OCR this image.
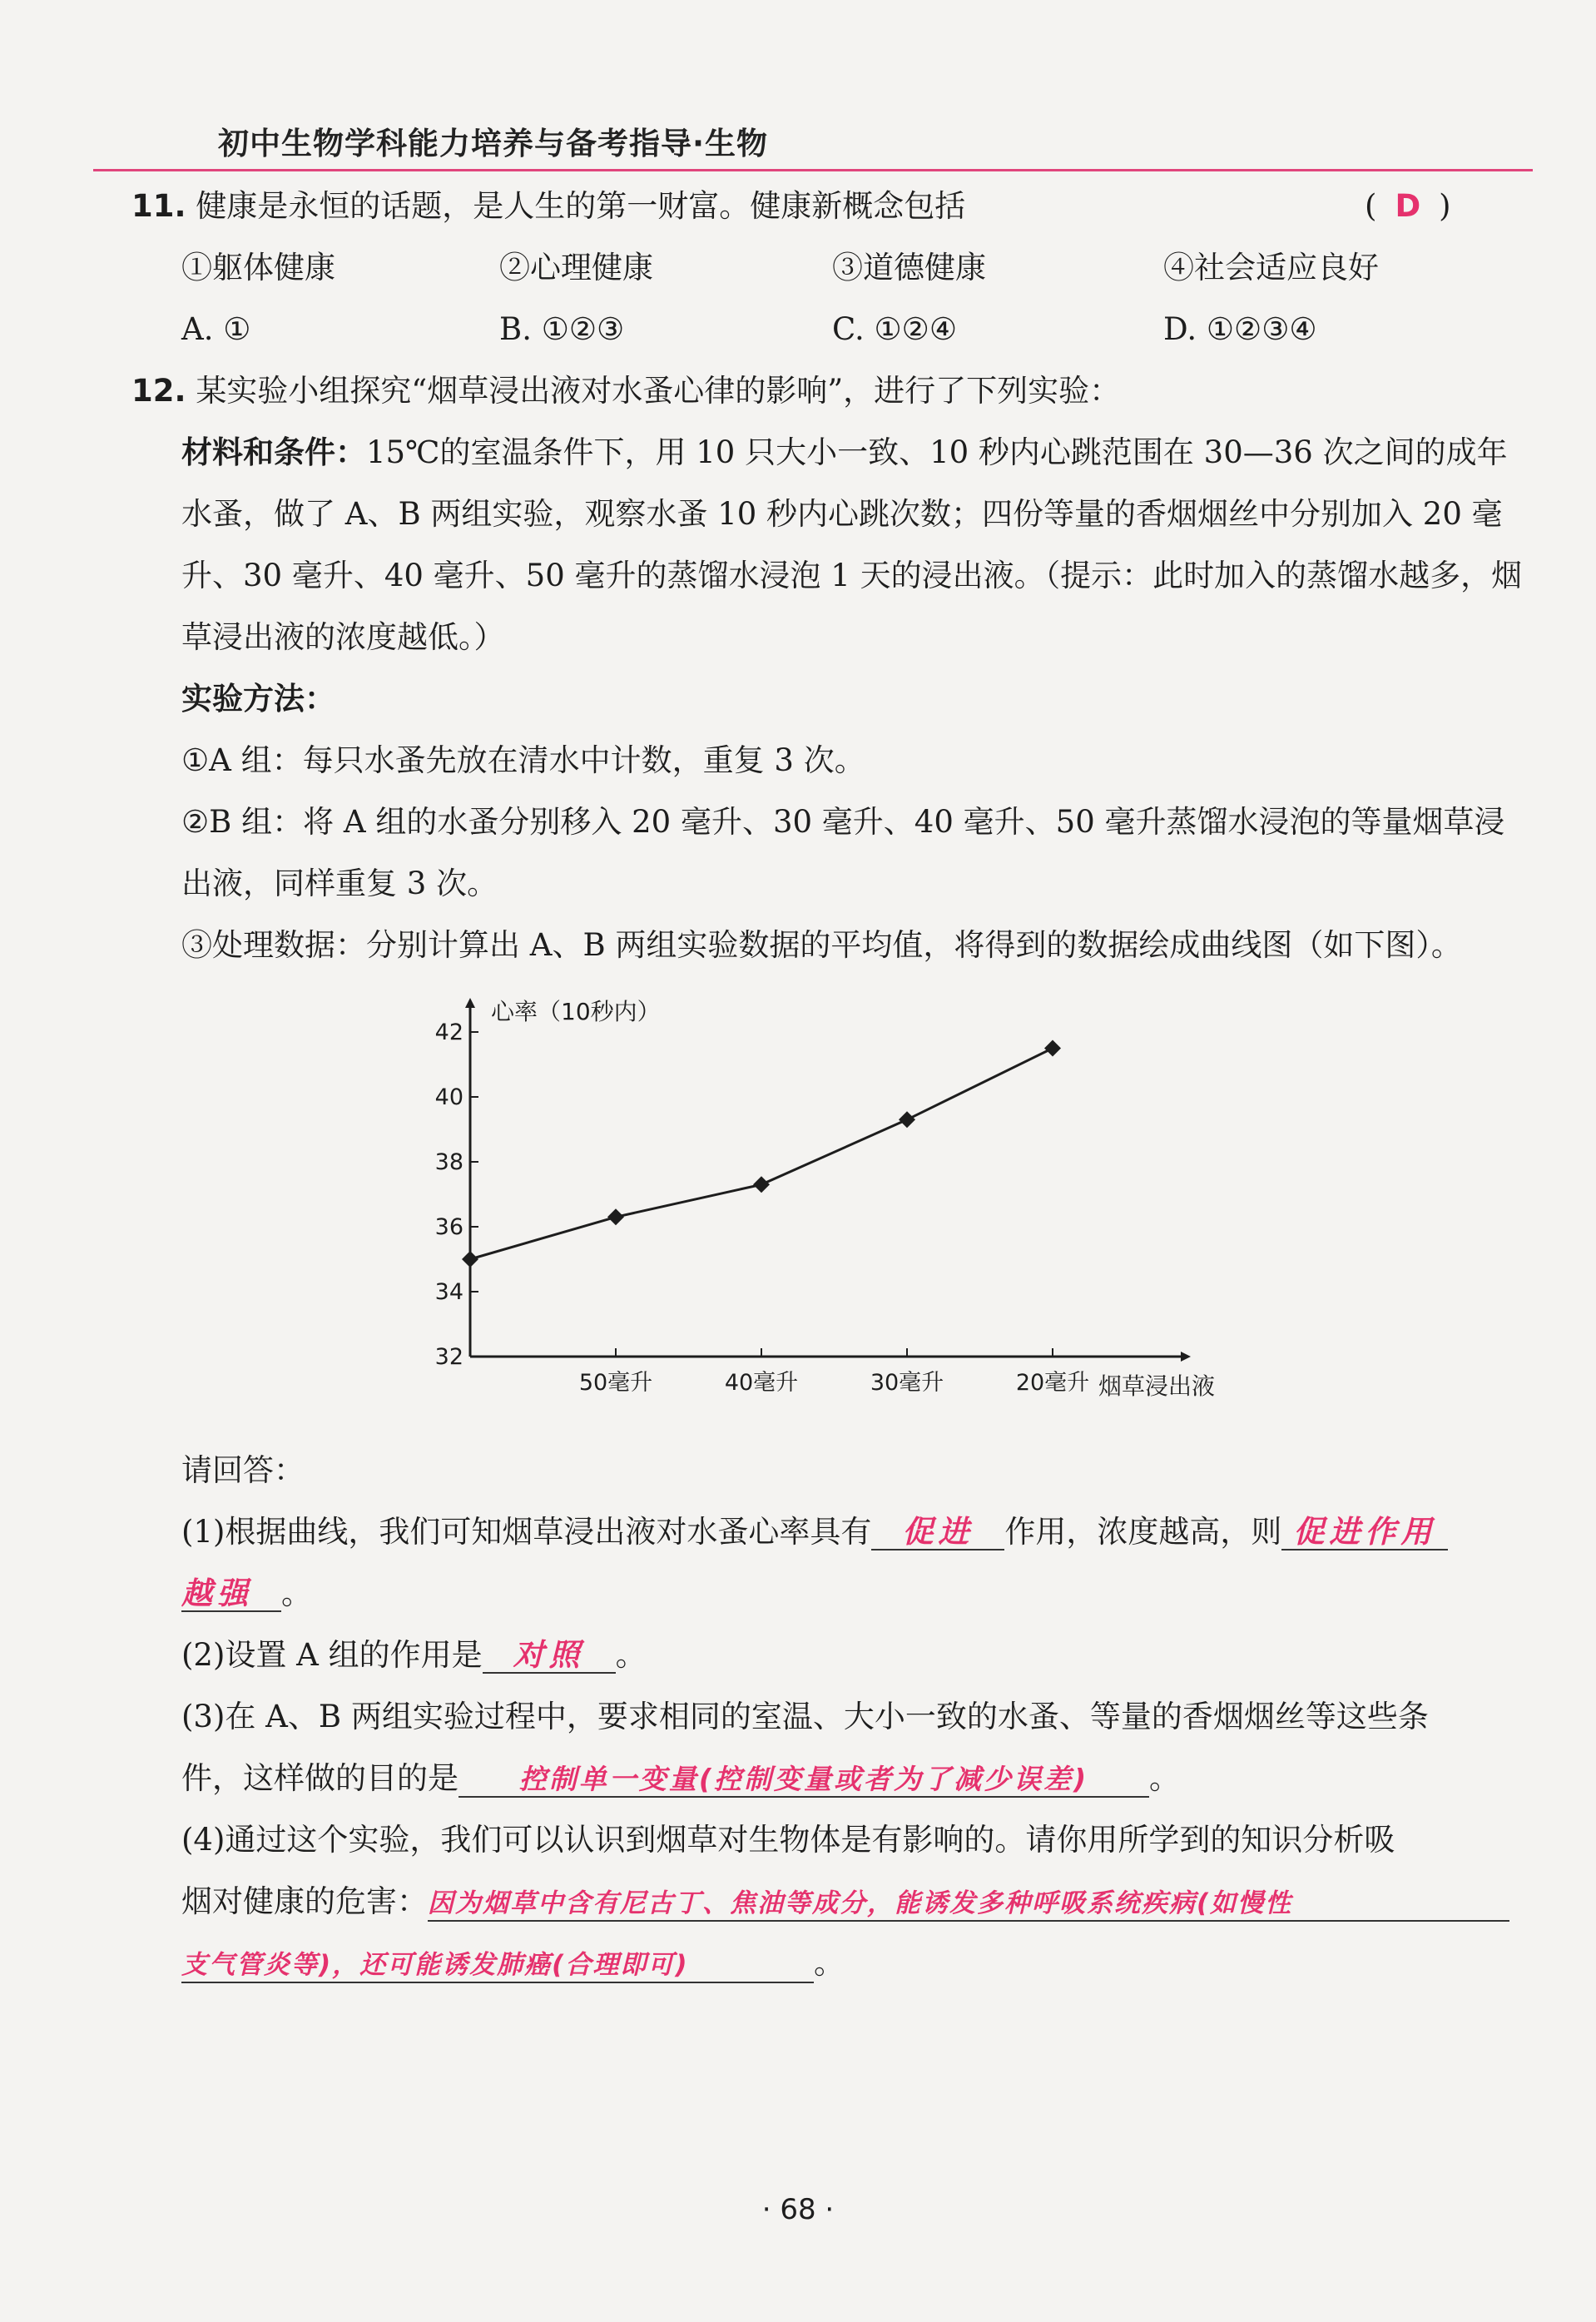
初中生物学科能力培养与备考指导·生物
11. 健康是永恒的话题，是人生的第一财富。健康新概念包括	( D )
①躯体健康	②心理健康	③道德健康	④社会适应良好
A. ①	B. ①②③	C. ①②④	D. ①②③④
12. 某实验小组探究“烟草浸出液对水蚤心律的影响”，进行了下列实验：
材料和条件：15℃的室温条件下，用 10 只大小一致、10 秒内心跳范围在 30—36 次之间的成年
水蚤，做了 A、B 两组实验，观察水蚤 10 秒内心跳次数；四份等量的香烟烟丝中分别加入 20 毫
升、30 毫升、40 毫升、50 毫升的蒸馏水浸泡 1 天的浸出液。（提示：此时加入的蒸馏水越多，烟
草浸出液的浓度越低。）
实验方法：
①A 组：每只水蚤先放在清水中计数，重复 3 次。
②B 组：将 A 组的水蚤分别移入 20 毫升、30 毫升、40 毫升、50 毫升蒸馏水浸泡的等量烟草浸
出液，同样重复 3 次。
③处理数据：分别计算出 A、B 两组实验数据的平均值，将得到的数据绘成曲线图（如下图）。
心率（10秒内）
烟草浸出液
32
34
36
38
40
42
50毫升	40毫升	30毫升	20毫升
请回答：
(1)根据曲线，我们可知烟草浸出液对水蚤心率具有 促进 作用，浓度越高，则 促进作用
越强 。
(2)设置 A 组的作用是 对照 。
(3)在 A、B 两组实验过程中，要求相同的室温、大小一致的水蚤、等量的香烟烟丝等这些条
件，这样做的目的是 控制单一变量(控制变量或者为了减少误差) 。
(4)通过这个实验，我们可以认识到烟草对生物体是有影响的。请你用所学到的知识分析吸
烟对健康的危害：因为烟草中含有尼古丁、焦油等成分，能诱发多种呼吸系统疾病(如慢性
支气管炎等)，还可能诱发肺癌(合理即可)	。
· 68 ·
